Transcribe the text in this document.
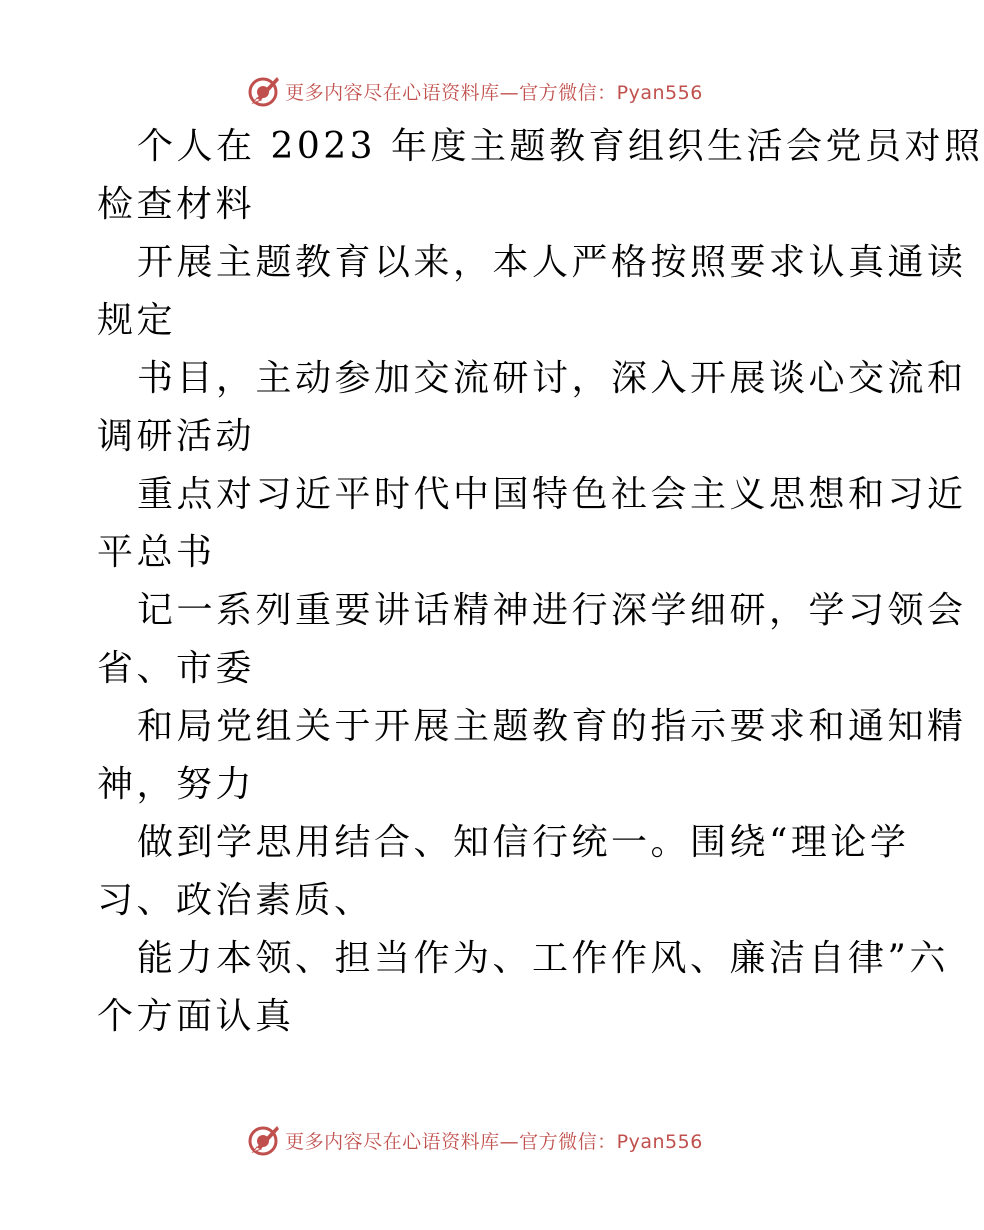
更多内容尽在心语资料库—官方微信：Pyan556
个人在 2023 年度主题教育组织生活会党员对照
检查材料
开展主题教育以来，本人严格按照要求认真通读
规定
书目，主动参加交流研讨，深入开展谈心交流和
调研活动
重点对习近平时代中国特色社会主义思想和习近
平总书
记一系列重要讲话精神进行深学细研，学习领会
省、市委
和局党组关于开展主题教育的指示要求和通知精
神，努力
做到学思用结合、知信行统一。围绕“理论学
习、政治素质、
能力本领、担当作为、工作作风、廉洁自律”六
个方面认真
更多内容尽在心语资料库—官方微信：Pyan556
